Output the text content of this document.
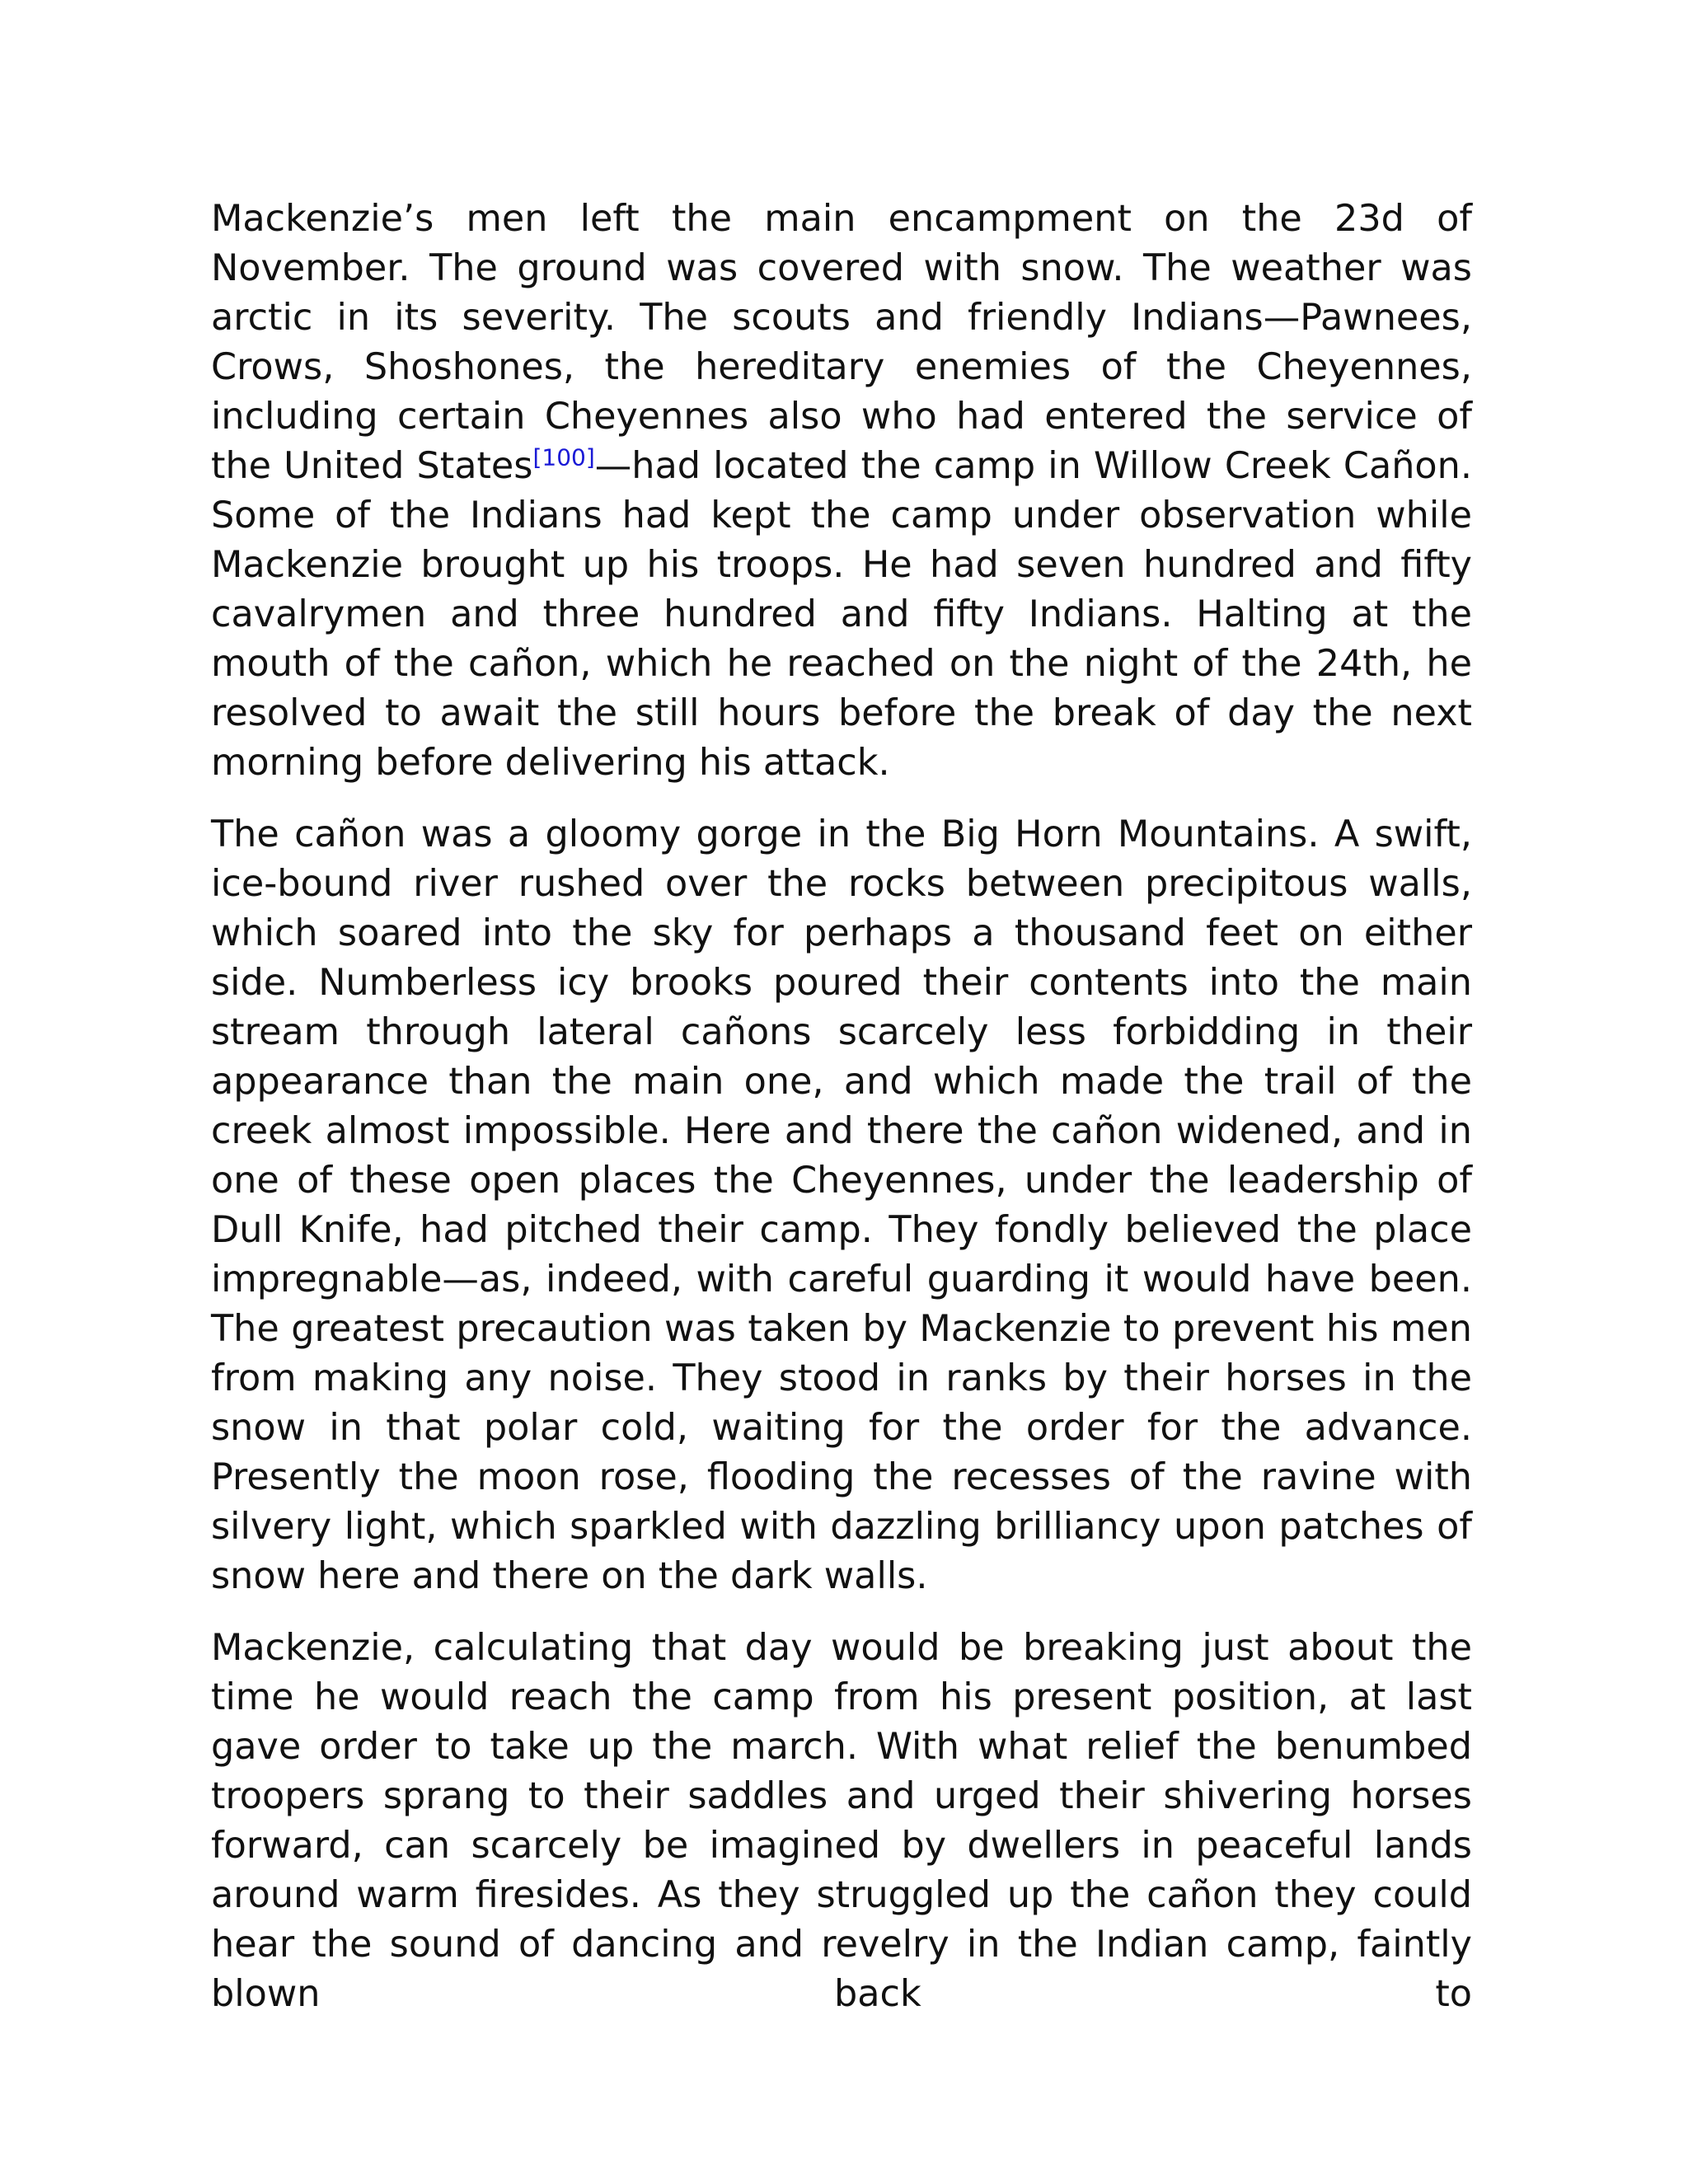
Mackenzie’s men left the main encampment on the 23d of November. The ground was covered with snow. The weather was arctic in its severity. The scouts and friendly Indians—Pawnees, Crows, Shoshones, the hereditary enemies of the Cheyennes, including certain Cheyennes also who had entered the service of the United States[100]—had located the camp in Willow Creek Cañon. Some of the Indians had kept the camp under observation while Mackenzie brought up his troops. He had seven hundred and fifty cavalrymen and three hundred and fifty Indians. Halting at the mouth of the cañon, which he reached on the night of the 24th, he resolved to await the still hours before the break of day the next morning before delivering his attack.

The cañon was a gloomy gorge in the Big Horn Mountains. A swift, ice-bound river rushed over the rocks between precipitous walls, which soared into the sky for perhaps a thousand feet on either side. Numberless icy brooks poured their contents into the main stream through lateral cañons scarcely less forbidding in their appearance than the main one, and which made the trail of the creek almost impossible. Here and there the cañon widened, and in one of these open places the Cheyennes, under the leadership of Dull Knife, had pitched their camp. They fondly believed the place impregnable—as, indeed, with careful guarding it would have been. The greatest precaution was taken by Mackenzie to prevent his men from making any noise. They stood in ranks by their horses in the snow in that polar cold, waiting for the order for the advance. Presently the moon rose, flooding the recesses of the ravine with silvery light, which sparkled with dazzling brilliancy upon patches of snow here and there on the dark walls.

Mackenzie, calculating that day would be breaking just about the time he would reach the camp from his present position, at last gave order to take up the march. With what relief the benumbed troopers sprang to their saddles and urged their shivering horses forward, can scarcely be imagined by dwellers in peaceful lands around warm firesides. As they struggled up the cañon they could hear the sound of dancing and revelry in the Indian camp, faintly blown back to
